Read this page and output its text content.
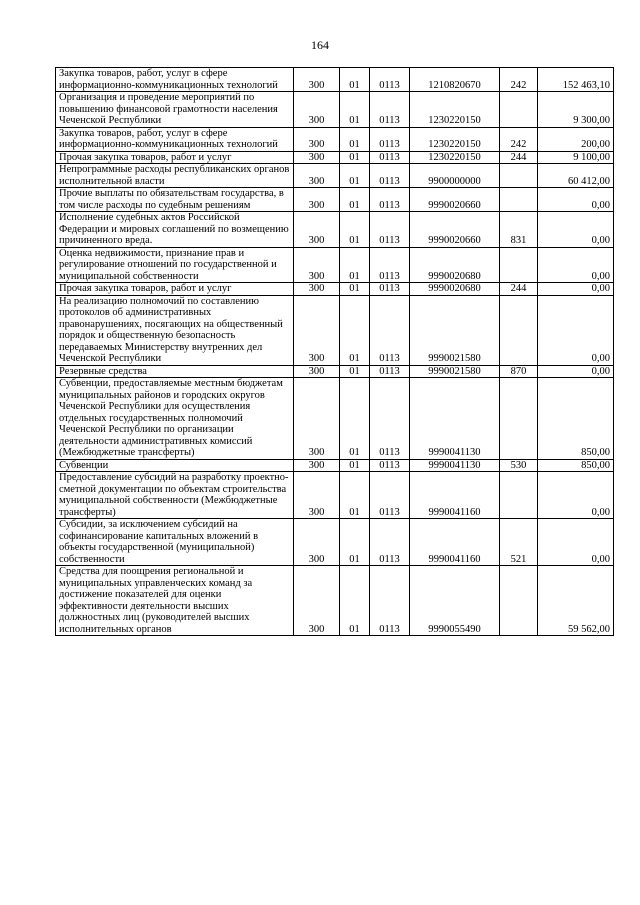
164
Закупка товаров, работ, услуг в сфере информационно-коммуникационных технологий	300	01	0113	1210820670	242	152 463,10
Организация и проведение мероприятий по повышению финансовой грамотности населения Чеченской Республики	300	01	0113	1230220150		9 300,00
Закупка товаров, работ, услуг в сфере информационно-коммуникационных технологий	300	01	0113	1230220150	242	200,00
Прочая закупка товаров, работ и услуг	300	01	0113	1230220150	244	9 100,00
Непрограммные расходы республиканских органов исполнительной власти	300	01	0113	9900000000		60 412,00
Прочие выплаты по обязательствам государства, в том числе расходы по судебным решениям	300	01	0113	9990020660		0,00
Исполнение судебных актов Российской Федерации и мировых соглашений по возмещению причиненного вреда.	300	01	0113	9990020660	831	0,00
Оценка недвижимости, признание прав и регулирование отношений по государственной и муниципальной собственности	300	01	0113	9990020680		0,00
Прочая закупка товаров, работ и услуг	300	01	0113	9990020680	244	0,00
На реализацию полномочий по составлению протоколов об административных правонарушениях, посягающих на общественный порядок и общественную безопасность передаваемых Министерству внутренних дел Чеченской Республики	300	01	0113	9990021580		0,00
Резервные средства	300	01	0113	9990021580	870	0,00
Субвенции, предоставляемые местным бюджетам муниципальных районов и городских округов Чеченской Республики для осуществления отдельных государственных полномочий Чеченской Республики по организации деятельности административных комиссий (Межбюджетные трансферты)	300	01	0113	9990041130		850,00
Субвенции	300	01	0113	9990041130	530	850,00
Предоставление субсидий на разработку проектно-сметной документации по объектам строительства муниципальной собственности (Межбюджетные трансферты)	300	01	0113	9990041160		0,00
Субсидии, за исключением субсидий на софинансирование капитальных вложений в объекты государственной (муниципальной) собственности	300	01	0113	9990041160	521	0,00
Средства для поощрения региональной и муниципальных управленческих команд за достижение показателей для оценки эффективности деятельности высших должностных лиц (руководителей высших исполнительных органов	300	01	0113	9990055490		59 562,00
